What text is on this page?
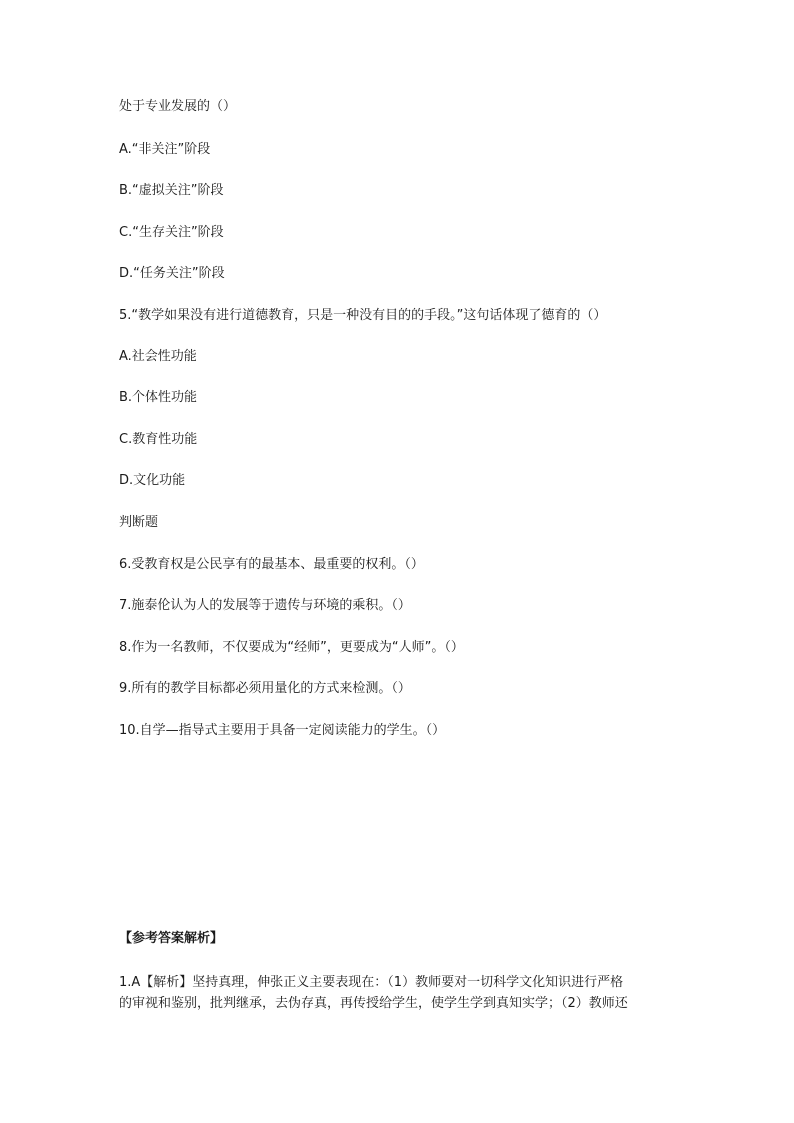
处于专业发展的（）
A.“非关注”阶段
B.“虚拟关注”阶段
C.“生存关注”阶段
D.“任务关注”阶段
5.“教学如果没有进行道德教育，只是一种没有目的的手段。”这句话体现了德育的（）
A.社会性功能
B.个体性功能
C.教育性功能
D.文化功能
判断题
6.受教育权是公民享有的最基本、最重要的权利。（）
7.施泰伦认为人的发展等于遗传与环境的乘积。（）
8.作为一名教师，不仅要成为“经师”，更要成为“人师”。（）
9.所有的教学目标都必须用量化的方式来检测。（）
10.自学—指导式主要用于具备一定阅读能力的学生。（）
【参考答案解析】
1.A【解析】坚持真理，伸张正义主要表现在：（1）教师要对一切科学文化知识进行严格
的审视和鉴别，批判继承，去伪存真，再传授给学生，使学生学到真知实学；（2）教师还
